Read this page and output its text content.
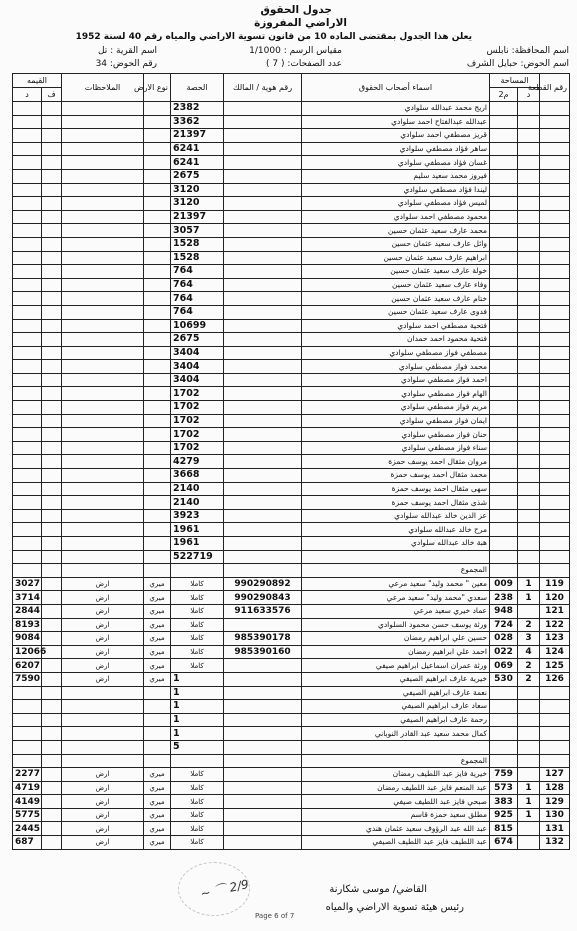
جدول الحقوق
الاراضي المفروزة
يعلن هذا الجدول بمقتضى الماده 10 من قانون تسوية الاراضي والمياه رقم 40 لسنة 1952
اسم المحافظة: نابلس
مقياس الرسم : 1/1000
اسم القرية : تل
اسم الحوض: حبايل الشرف
عدد الصفحات: ( 7 )
رقم الحوض: 34
رقم القطعة	المساحة		اسماء أصحاب الحقوق	رقم هوية / المالك	الحصة	نوع الارض	الملاحظات	القيمه	
	د	م2						ف	د
			اريج محمد عبدالله سلوادي		2382				
			عبدالله عبدالفتاح احمد سلوادي		3362				
			قريز مصطفي احمد سلوادي		21397				
			ساهر فؤاد مصطفي سلوادي		6241				
			غسان فؤاد مصطفي سلوادي		6241				
			فيروز محمد سعيد سليم		2675				
			ليندا فؤاد مصطفي سلوادي		3120				
			لميس فؤاد مصطفي سلوادي		3120				
			محمود مصطفي احمد سلوادي		21397				
			محمد عارف سعيد عثمان حسين		3057				
			وائل عارف سعيد عثمان حسين		1528				
			ابراهيم عارف سعيد عثمان حسين		1528				
			خولة عارف سعيد عثمان حسين		764				
			وفاء عارف سعيد عثمان حسين		764				
			ختام عارف سعيد عثمان حسين		764				
			فدوى عارف سعيد عثمان حسين		764				
			فتحية مصطفي احمد سلوادي		10699				
			فتحية محمود احمد حمدان		2675				
			مصطفي فواز مصطفي سلوادي		3404				
			محمد فواز مصطفي سلوادي		3404				
			احمد فواز مصطفي سلوادي		3404				
			الهام فواز مصطفي سلوادي		1702				
			مريم فواز مصطفي سلوادي		1702				
			ايمان فواز مصطفي سلوادي		1702				
			حنان فواز مصطفي سلوادي		1702				
			سناء فواز مصطفي سلوادي		1702				
			مروان مثقال احمد يوسف حمزة		4279				
			محمد مثقال احمد يوسف حمزة		3668				
			سهى مثقال احمد يوسف حمزة		2140				
			شذى مثقال احمد يوسف حمزة		2140				
			عز الدين خالد عبدالله سلوادي		3923				
			مرح خالد عبدالله سلوادي		1961				
			هبة خالد عبدالله سلوادي		1961				
					522719				
			المجموع						
119	1	009	معين " محمد وليد" سعيد مرعي	990290892	كاملا	ميري	ارض		3027
120	1	238	سعدي "محمد وليد" سعيد مرعي	990290843	كاملا	ميري	ارض		3714
121		948	عماد خيري سعيد مرعي	911633576	كاملا	ميري	ارض		2844
122	2	724	ورثة يوسف حسن محمود السلوادي		كاملا	ميري	ارض		8193
123	3	028	حسين علي ابراهيم رمضان	985390178	كاملا	ميري	ارض		9084
124	4	022	احمد علي ابراهيم رمضان	985390160	كاملا	ميري	ارض		12066
125	2	069	ورثة عمران اسماعيل ابراهيم صيفي		كاملا	ميري	ارض		6207
126	2	530	خيرية عارف ابراهيم الصيفي		1	ميري	ارض		7590
			نعمة عارف ابراهيم الصيفي		1				
			سعاد عارف ابراهيم الصيفي		1				
			رحمة عارف ابراهيم الصيفي		1				
			كمال محمد سعيد عبد القادر النوباني		1				
					5				
			المجموع						
127		759	خيرية فايز عبد اللطيف رمضان		كاملا	ميري	ارض		2277
128	1	573	عبد المنعم فايز عبد اللطيف رمضان		كاملا	ميري	ارض		4719
129	1	383	صبحي فايز عبد اللطيف صيفي		كاملا	ميري	ارض		4149
130	1	925	مطلق سعيد حمزة قاسم		كاملا	ميري	ارض		5775
131		815	عبد الله عبد الرؤوف سعيد عثمان هندي		كاملا	ميري	ارض		2445
132		674	عبد اللطيف فايز عبد اللطيف الصيفي		كاملا	ميري	ارض		687
~ ⌒ 2/9	القاضي/ موسى شكارنة
رئيس هيئة تسوية الاراضي والمياه
Page 6 of 7
